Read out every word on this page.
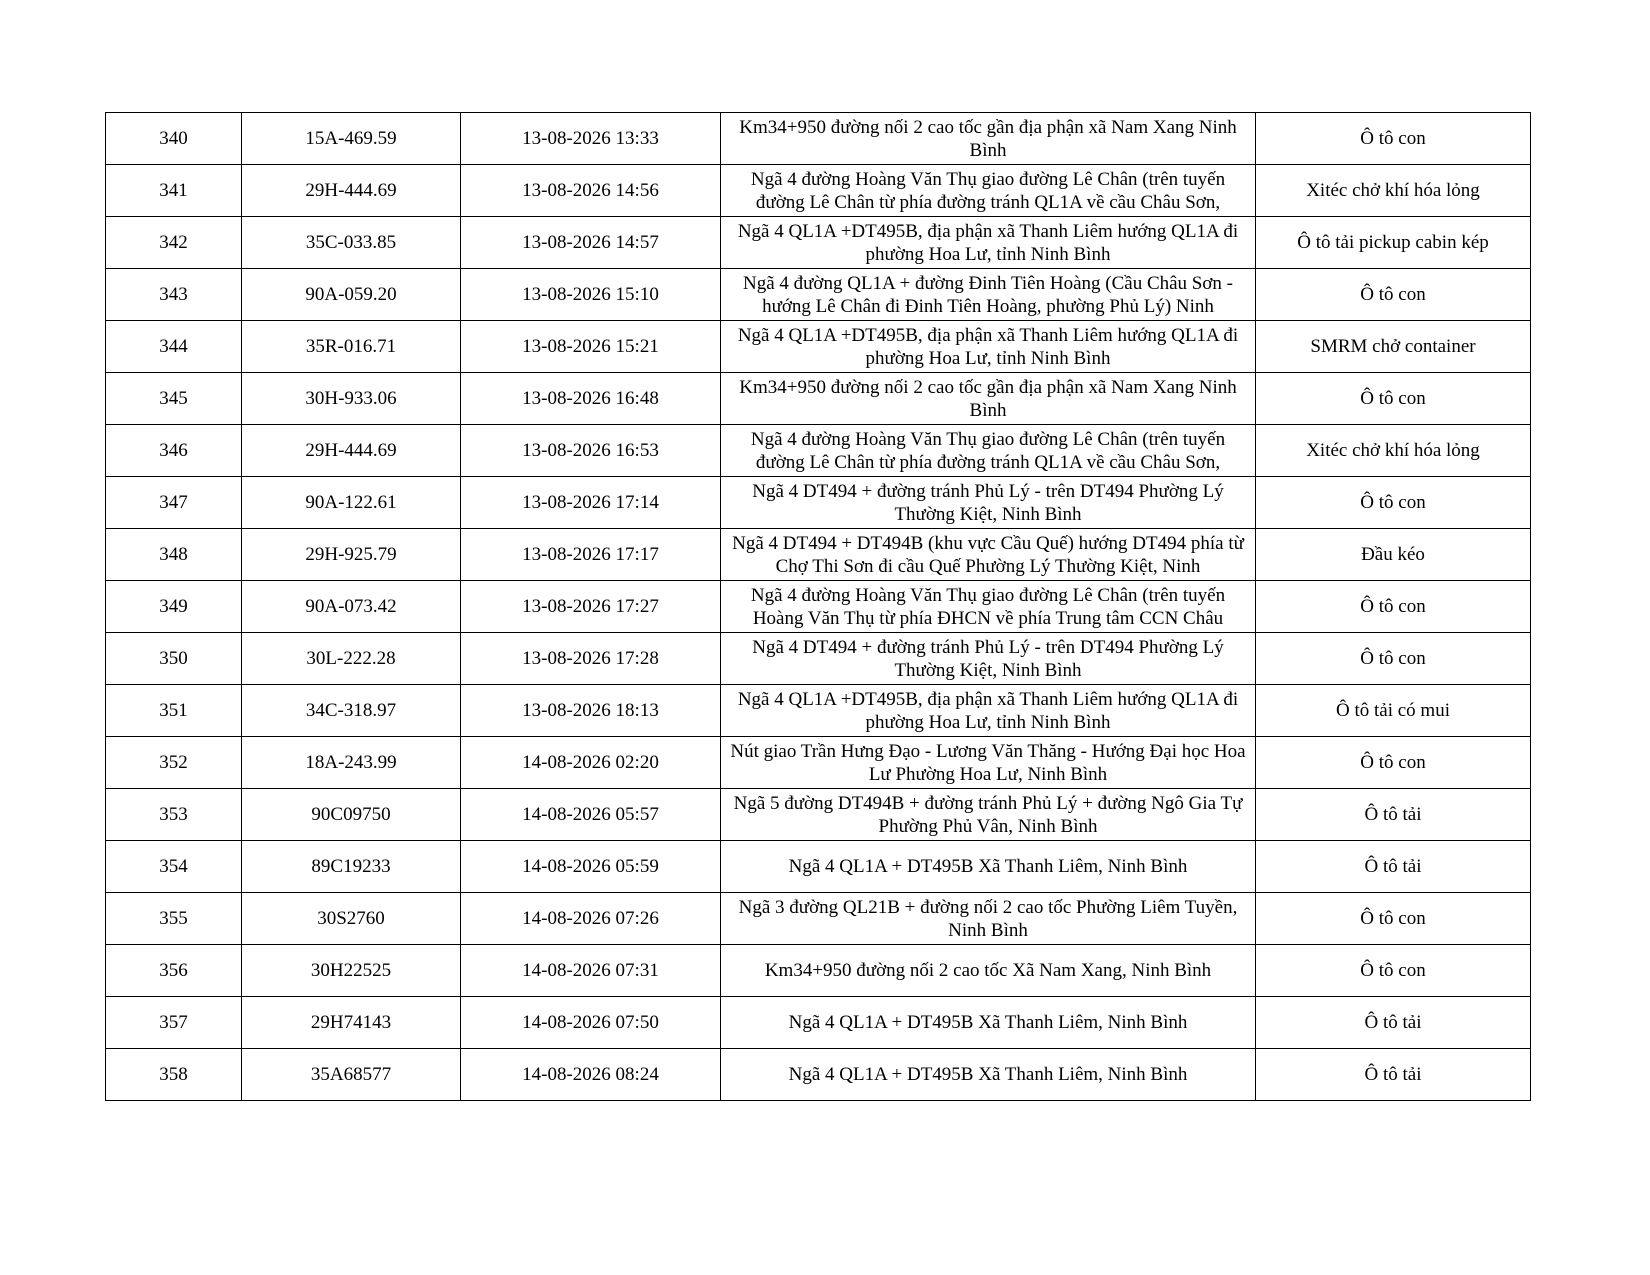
340	15A-469.59	13-08-2026 13:33	Km34+950 đường nối 2 cao tốc gần địa phận xã Nam Xang Ninh Bình	Ô tô con
341	29H-444.69	13-08-2026 14:56	Ngã 4 đường Hoàng Văn Thụ giao đường Lê Chân (trên tuyến đường Lê Chân từ phía đường tránh QL1A về cầu Châu Sơn,	Xitéc chở khí hóa lỏng
342	35C-033.85	13-08-2026 14:57	Ngã 4 QL1A +DT495B, địa phận xã Thanh Liêm hướng QL1A đi phường Hoa Lư, tỉnh Ninh Bình	Ô tô tải pickup cabin kép
343	90A-059.20	13-08-2026 15:10	Ngã 4 đường QL1A + đường Đinh Tiên Hoàng (Cầu Châu Sơn - hướng Lê Chân đi Đinh Tiên Hoàng, phường Phủ Lý) Ninh	Ô tô con
344	35R-016.71	13-08-2026 15:21	Ngã 4 QL1A +DT495B, địa phận xã Thanh Liêm hướng QL1A đi phường Hoa Lư, tỉnh Ninh Bình	SMRM chở container
345	30H-933.06	13-08-2026 16:48	Km34+950 đường nối 2 cao tốc gần địa phận xã Nam Xang Ninh Bình	Ô tô con
346	29H-444.69	13-08-2026 16:53	Ngã 4 đường Hoàng Văn Thụ giao đường Lê Chân (trên tuyến đường Lê Chân từ phía đường tránh QL1A về cầu Châu Sơn,	Xitéc chở khí hóa lỏng
347	90A-122.61	13-08-2026 17:14	Ngã 4 DT494 + đường tránh Phủ Lý - trên DT494 Phường Lý Thường Kiệt, Ninh Bình	Ô tô con
348	29H-925.79	13-08-2026 17:17	Ngã 4 DT494 + DT494B (khu vực Cầu Quế) hướng DT494 phía từ Chợ Thi Sơn đi cầu Quế Phường Lý Thường Kiệt, Ninh	Đầu kéo
349	90A-073.42	13-08-2026 17:27	Ngã 4 đường Hoàng Văn Thụ giao đường Lê Chân (trên tuyến Hoàng Văn Thụ từ phía ĐHCN về phía Trung tâm CCN Châu	Ô tô con
350	30L-222.28	13-08-2026 17:28	Ngã 4 DT494 + đường tránh Phủ Lý - trên DT494 Phường Lý Thường Kiệt, Ninh Bình	Ô tô con
351	34C-318.97	13-08-2026 18:13	Ngã 4 QL1A +DT495B, địa phận xã Thanh Liêm hướng QL1A đi phường Hoa Lư, tỉnh Ninh Bình	Ô tô tải có mui
352	18A-243.99	14-08-2026 02:20	Nút giao Trần Hưng Đạo - Lương Văn Thăng - Hướng Đại học Hoa Lư Phường Hoa Lư, Ninh Bình	Ô tô con
353	90C09750	14-08-2026 05:57	Ngã 5 đường DT494B + đường tránh Phủ Lý + đường Ngô Gia Tự Phường Phủ Vân, Ninh Bình	Ô tô tải
354	89C19233	14-08-2026 05:59	Ngã 4 QL1A + DT495B Xã Thanh Liêm, Ninh Bình	Ô tô tải
355	30S2760	14-08-2026 07:26	Ngã 3 đường QL21B + đường nối 2 cao tốc Phường Liêm Tuyền, Ninh Bình	Ô tô con
356	30H22525	14-08-2026 07:31	Km34+950 đường nối 2 cao tốc Xã Nam Xang, Ninh Bình	Ô tô con
357	29H74143	14-08-2026 07:50	Ngã 4 QL1A + DT495B Xã Thanh Liêm, Ninh Bình	Ô tô tải
358	35A68577	14-08-2026 08:24	Ngã 4 QL1A + DT495B Xã Thanh Liêm, Ninh Bình	Ô tô tải
